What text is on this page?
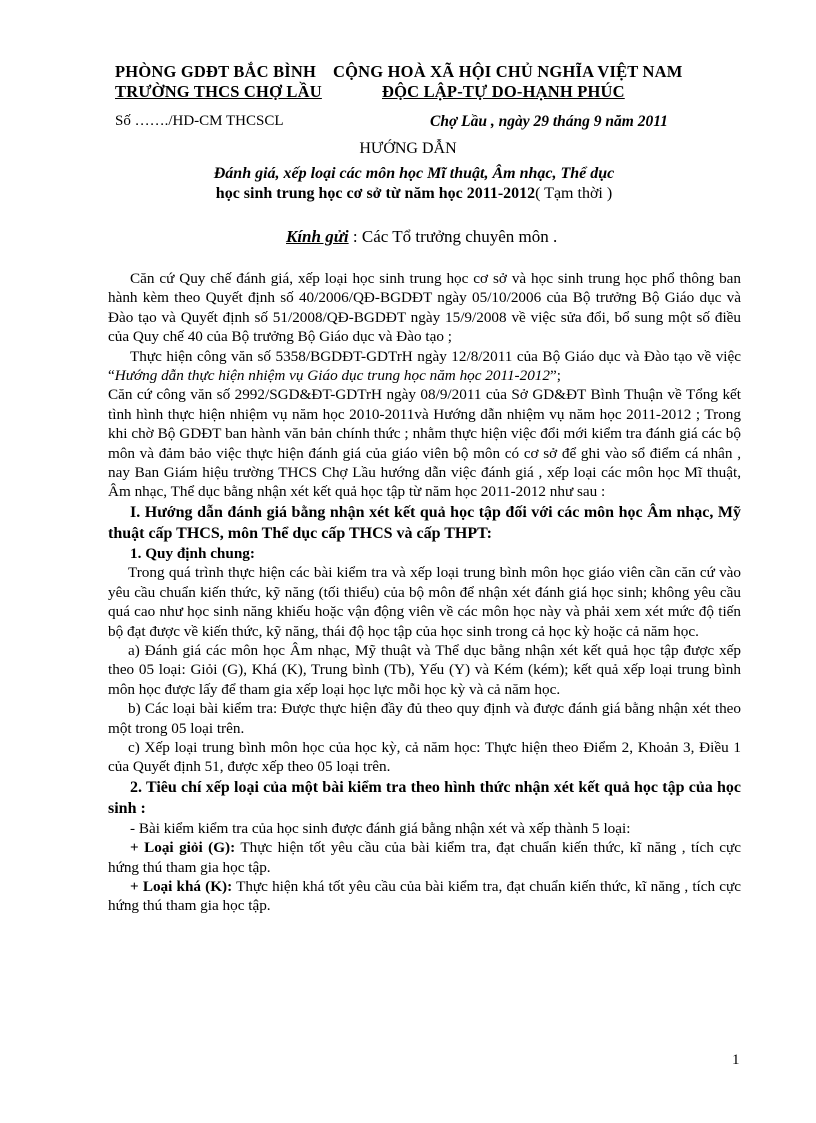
PHÒNG GDĐT BẮC BÌNH
TRƯỜNG THCS CHỢ LẦU
CỘNG HOÀ XÃ HỘI CHỦ NGHĨA VIỆT NAM
ĐỘC LẬP-TỰ DO-HẠNH PHÚC
Số ……./HD-CM THCSCL	Chợ Lầu , ngày 29 tháng 9 năm 2011
HƯỚNG DẪN
Đánh giá, xếp loại các môn học Mĩ thuật, Âm nhạc, Thể dục
học sinh trung học cơ sở từ năm học 2011-2012( Tạm thời )
Kính gửi : Các Tổ trưởng chuyên môn .

Căn cứ Quy chế đánh giá, xếp loại học sinh trung học cơ sở và học sinh trung học phổ thông ban hành kèm theo Quyết định số 40/2006/QĐ-BGDĐT ngày 05/10/2006 của Bộ trưởng Bộ Giáo dục và Đào tạo và Quyết định số 51/2008/QĐ-BGDĐT ngày 15/9/2008 về việc sửa đổi, bổ sung một số điều của Quy chế 40 của Bộ trưởng Bộ Giáo dục và Đào tạo ;

Thực hiện công văn số 5358/BGDĐT-GDTrH ngày 12/8/2011 của Bộ Giáo dục và Đào tạo về việc “Hướng dẫn thực hiện nhiệm vụ Giáo dục trung học năm học 2011-2012”;

Căn cứ công văn số 2992/SGD&ĐT-GDTrH ngày 08/9/2011 của Sở GD&ĐT Bình Thuận về Tổng kết tình hình thực hiện nhiệm vụ năm học 2010-2011và Hướng dẫn nhiệm vụ năm học 2011-2012 ; Trong khi chờ Bộ GDĐT ban hành văn bản chính thức ; nhằm thực hiện việc đổi mới kiểm tra đánh giá các bộ môn và đảm bảo việc thực hiện đánh giá của giáo viên bộ môn có cơ sở để ghi vào sổ điểm cá nhân , nay Ban Giám hiệu trường THCS Chợ Lầu hướng dẫn việc đánh giá , xếp loại các môn học Mĩ thuật, Âm nhạc, Thể dục bằng nhận xét kết quả học tập từ năm học 2011-2012 như sau :

I. Hướng dẫn đánh giá bằng nhận xét kết quả học tập đối với các môn học Âm nhạc, Mỹ thuật cấp THCS, môn Thể dục cấp THCS và cấp THPT:

1. Quy định chung:

Trong quá trình thực hiện các bài kiểm tra và xếp loại trung bình môn học giáo viên cần căn cứ vào yêu cầu chuẩn kiến thức, kỹ năng (tối thiểu) của bộ môn để nhận xét đánh giá học sinh; không yêu cầu quá cao như học sinh năng khiếu hoặc vận động viên về các môn học này và phải xem xét mức độ tiến bộ đạt được về kiến thức, kỹ năng, thái độ học tập của học sinh trong cả học kỳ hoặc cả năm học.

a) Đánh giá các môn học Âm nhạc, Mỹ thuật và Thể dục bằng nhận xét kết quả học tập được xếp theo 05 loại: Giỏi (G), Khá (K), Trung bình (Tb), Yếu (Y) và Kém (kém); kết quả xếp loại trung bình môn học được lấy để tham gia xếp loại học lực mỗi học kỳ và cả năm học.

b) Các loại bài kiểm tra: Được thực hiện đầy đủ theo quy định và được đánh giá bằng nhận xét theo một trong 05 loại trên.

c) Xếp loại trung bình môn học của học kỳ, cả năm học: Thực hiện theo Điểm 2, Khoản 3, Điều 1 của Quyết định 51, được xếp theo 05 loại trên.

2. Tiêu chí xếp loại của một bài kiểm tra theo hình thức nhận xét kết quả học tập của học sinh :

- Bài kiểm kiểm tra của học sinh được đánh giá bằng nhận xét và xếp thành 5 loại:

+ Loại giỏi (G): Thực hiện tốt yêu cầu của bài kiểm tra, đạt chuẩn kiến thức, kĩ năng , tích cực hứng thú tham gia học tập.

+ Loại khá (K): Thực hiện khá tốt yêu cầu của bài kiểm tra, đạt chuẩn kiến thức, kĩ năng , tích cực hứng thú tham gia học tập.

1
